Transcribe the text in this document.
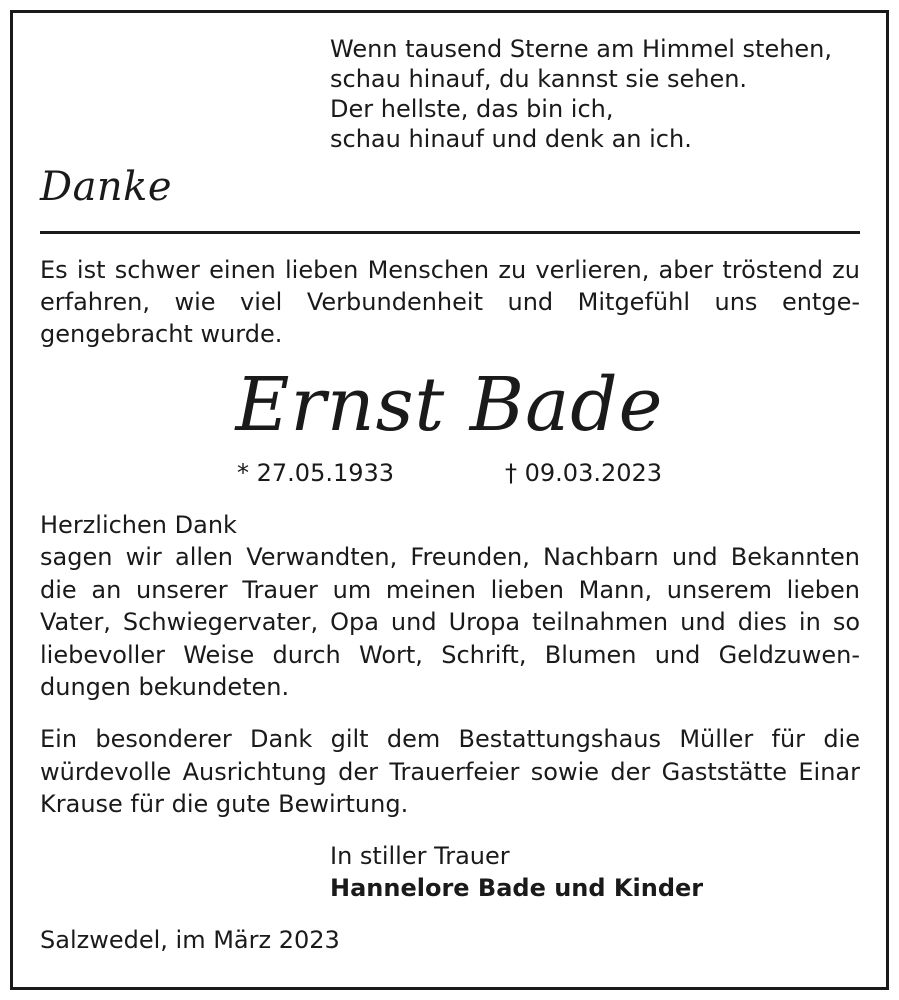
Wenn tausend Sterne am Himmel stehen,
schau hinauf, du kannst sie sehen.
Der hellste, das bin ich,
schau hinauf und denk an ich.
Danke

Es ist schwer einen lieben Menschen zu verlieren, aber tröstend zu erfahren, wie viel Verbundenheit und Mitgefühl uns entge-​gengebracht wurde.

Ernst Bade
* 27.05.1933	† 09.03.2023
Herzlichen Dank

sagen wir allen Verwandten, Freunden, Nachbarn und Bekannten die an unserer Trauer um meinen lieben Mann, unserem lieben Vater, Schwiegervater, Opa und Uropa teilnahmen und dies in so liebevoller Weise durch Wort, Schrift, Blumen und Geldzuwen-​dungen bekundeten.

Ein besonderer Dank gilt dem Bestattungshaus Müller für die würdevolle Ausrichtung der Trauerfeier sowie der Gaststätte Einar Krause für die gute Bewirtung.

In stiller Trauer
Hannelore Bade und Kinder
Salzwedel, im März 2023
